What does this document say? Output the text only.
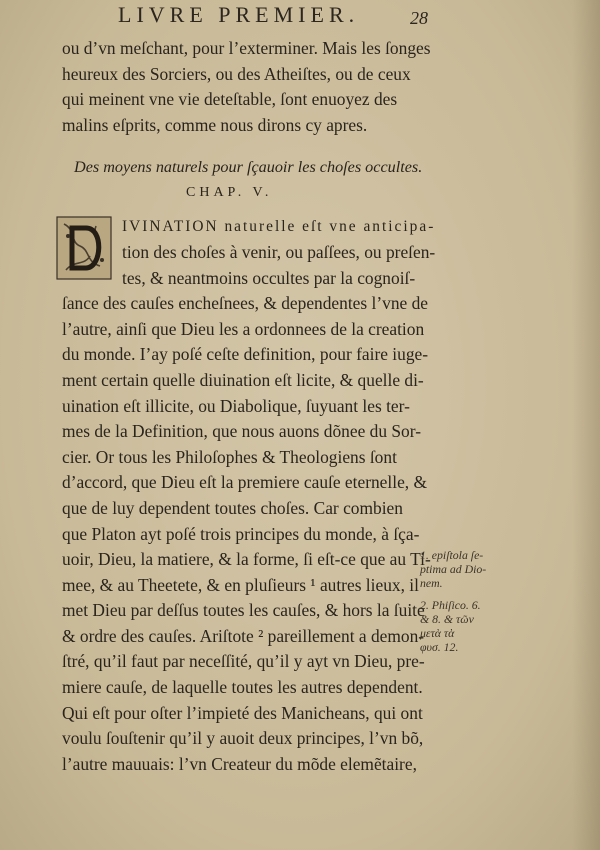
LIVRE PREMIER.	28
ou d’vn meſchant, pour l’exterminer. Mais les ſonges
heureux des Sorciers, ou des Atheiſtes, ou de ceux
qui meinent vne vie deteſtable, ſont enuoyez des
malins eſprits, comme nous dirons cy apres.
Des moyens naturels pour ſçauoir les choſes occultes.
CHAP. V.
IVINATION naturelle eſt vne anticipa-
tion des choſes à venir, ou paſſees, ou preſen-
tes, & neantmoins occultes par la cognoiſ-
ſance des cauſes encheſnees, & dependentes l’vne de
l’autre, ainſi que Dieu les a ordonnees de la creation
du monde. I’ay poſé ceſte definition, pour faire iuge-
ment certain quelle diuination eſt licite, & quelle di-
uination eſt illicite, ou Diabolique, ſuyuant les ter-
mes de la Definition, que nous auons dõnee du Sor-
cier. Or tous les Philoſophes & Theologiens ſont
d’accord, que Dieu eſt la premiere cauſe eternelle, &
que de luy dependent toutes choſes. Car combien
que Platon ayt poſé trois principes du monde, à ſça-
uoir, Dieu, la matiere, & la forme, ſi eſt-ce que au Ti-
mee, & au Theetete, & en pluſieurs ¹ autres lieux, il
met Dieu par deſſus toutes les cauſes, & hors la ſuite
& ordre des cauſes. Ariſtote ² pareillement a demon-
ſtré, qu’il faut par neceſſité, qu’il y ayt vn Dieu, pre-
miere cauſe, de laquelle toutes les autres dependent.
Qui eſt pour oſter l’impieté des Manicheans, qui ont
voulu ſouſtenir qu’il y auoit deux principes, l’vn bõ,
l’autre mauuais: l’vn Createur du mõde elemẽtaire,
1. epiſtola ſe-
ptima ad Dio-
nem.
2. Phiſico. 6.
& 8. & τῶν
μετὰ τὰ
φυσ. 12.
